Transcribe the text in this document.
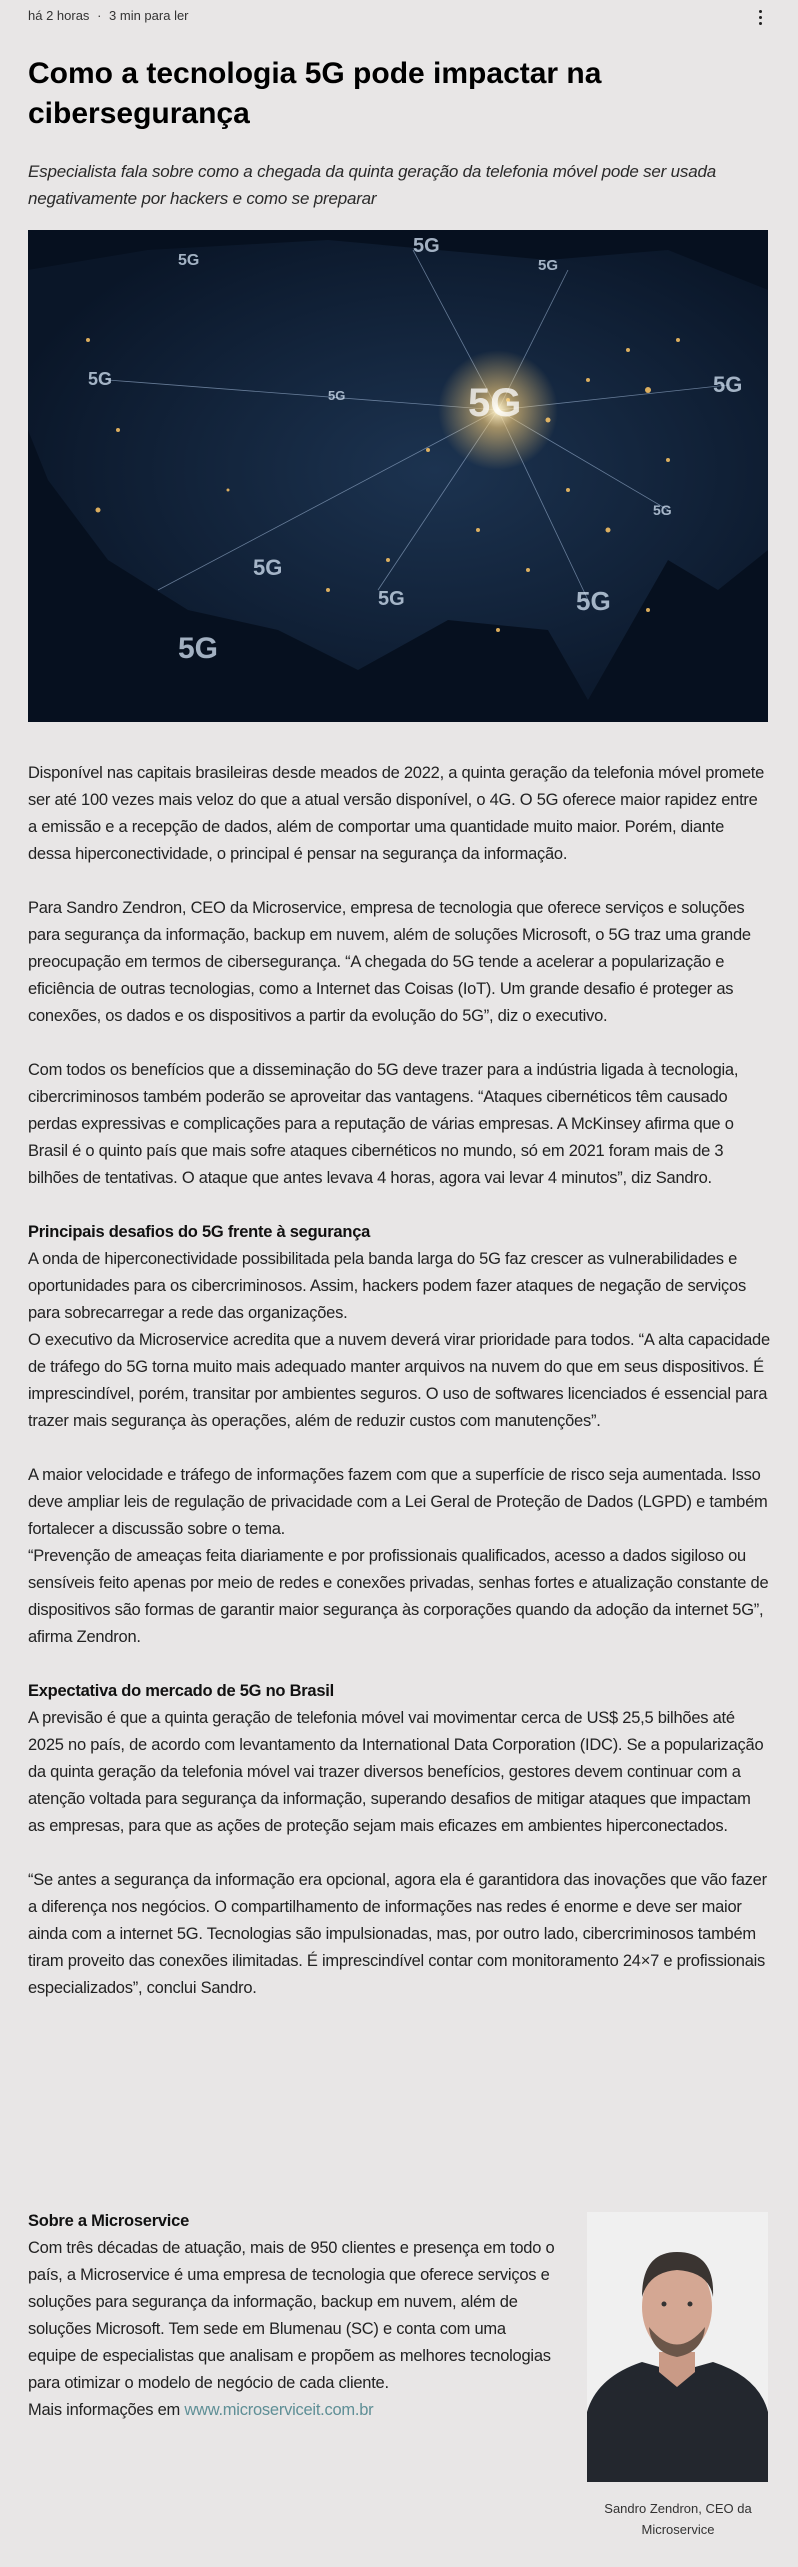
há 2 horas · 3 min para ler
Como a tecnologia 5G pode impactar na cibersegurança
Especialista fala sobre como a chegada da quinta geração da telefonia móvel pode ser usada negativamente por hackers e como se preparar
5G
5G
5G
5G
5G
5G
5G
5G
5G	5G
5G
5G
Disponível nas capitais brasileiras desde meados de 2022, a quinta geração da telefonia móvel promete ser até 100 vezes mais veloz do que a atual versão disponível, o 4G. O 5G oferece maior rapidez entre a emissão e a recepção de dados, além de comportar uma quantidade muito maior. Porém, diante dessa hiperconectividade, o principal é pensar na segurança da informação.
Para Sandro Zendron, CEO da Microservice, empresa de tecnologia que oferece serviços e soluções para segurança da informação, backup em nuvem, além de soluções Microsoft, o 5G traz uma grande preocupação em termos de cibersegurança. “A chegada do 5G tende a acelerar a popularização e eficiência de outras tecnologias, como a Internet das Coisas (IoT). Um grande desafio é proteger as conexões, os dados e os dispositivos a partir da evolução do 5G”, diz o executivo.
Com todos os benefícios que a disseminação do 5G deve trazer para a indústria ligada à tecnologia, cibercriminosos também poderão se aproveitar das vantagens. “Ataques cibernéticos têm causado perdas expressivas e complicações para a reputação de várias empresas. A McKinsey afirma que o Brasil é o quinto país que mais sofre ataques cibernéticos no mundo, só em 2021 foram mais de 3 bilhões de tentativas. O ataque que antes levava 4 horas, agora vai levar 4 minutos”, diz Sandro.
Principais desafios do 5G frente à segurança
A onda de hiperconectividade possibilitada pela banda larga do 5G faz crescer as vulnerabilidades e oportunidades para os cibercriminosos. Assim, hackers podem fazer ataques de negação de serviços para sobrecarregar a rede das organizações.
O executivo da Microservice acredita que a nuvem deverá virar prioridade para todos. “A alta capacidade de tráfego do 5G torna muito mais adequado manter arquivos na nuvem do que em seus dispositivos. É imprescindível, porém, transitar por ambientes seguros. O uso de softwares licenciados é essencial para trazer mais segurança às operações, além de reduzir custos com manutenções”.
A maior velocidade e tráfego de informações fazem com que a superfície de risco seja aumentada. Isso deve ampliar leis de regulação de privacidade com a Lei Geral de Proteção de Dados (LGPD) e também fortalecer a discussão sobre o tema.
“Prevenção de ameaças feita diariamente e por profissionais qualificados, acesso a dados sigiloso ou sensíveis feito apenas por meio de redes e conexões privadas, senhas fortes e atualização constante de dispositivos são formas de garantir maior segurança às corporações quando da adoção da internet 5G”, afirma Zendron.
Expectativa do mercado de 5G no Brasil
A previsão é que a quinta geração de telefonia móvel vai movimentar cerca de US$ 25,5 bilhões até 2025 no país, de acordo com levantamento da International Data Corporation (IDC). Se a popularização da quinta geração da telefonia móvel vai trazer diversos benefícios, gestores devem continuar com a atenção voltada para segurança da informação, superando desafios de mitigar ataques que impactam as empresas, para que as ações de proteção sejam mais eficazes em ambientes hiperconectados.
“Se antes a segurança da informação era opcional, agora ela é garantidora das inovações que vão fazer a diferença nos negócios. O compartilhamento de informações nas redes é enorme e deve ser maior ainda com a internet 5G. Tecnologias são impulsionadas, mas, por outro lado, cibercriminosos também tiram proveito das conexões ilimitadas. É imprescindível contar com monitoramento 24×7 e profissionais especializados”, conclui Sandro.
Sobre a Microservice
Com três décadas de atuação, mais de 950 clientes e presença em todo o país, a Microservice é uma empresa de tecnologia que oferece serviços e soluções para segurança da informação, backup em nuvem, além de soluções Microsoft. Tem sede em Blumenau (SC) e conta com uma equipe de especialistas que analisam e propõem as melhores tecnologias para otimizar o modelo de negócio de cada cliente.
Mais informações em www.microserviceit.com.br
Sandro Zendron, CEO da Microservice
